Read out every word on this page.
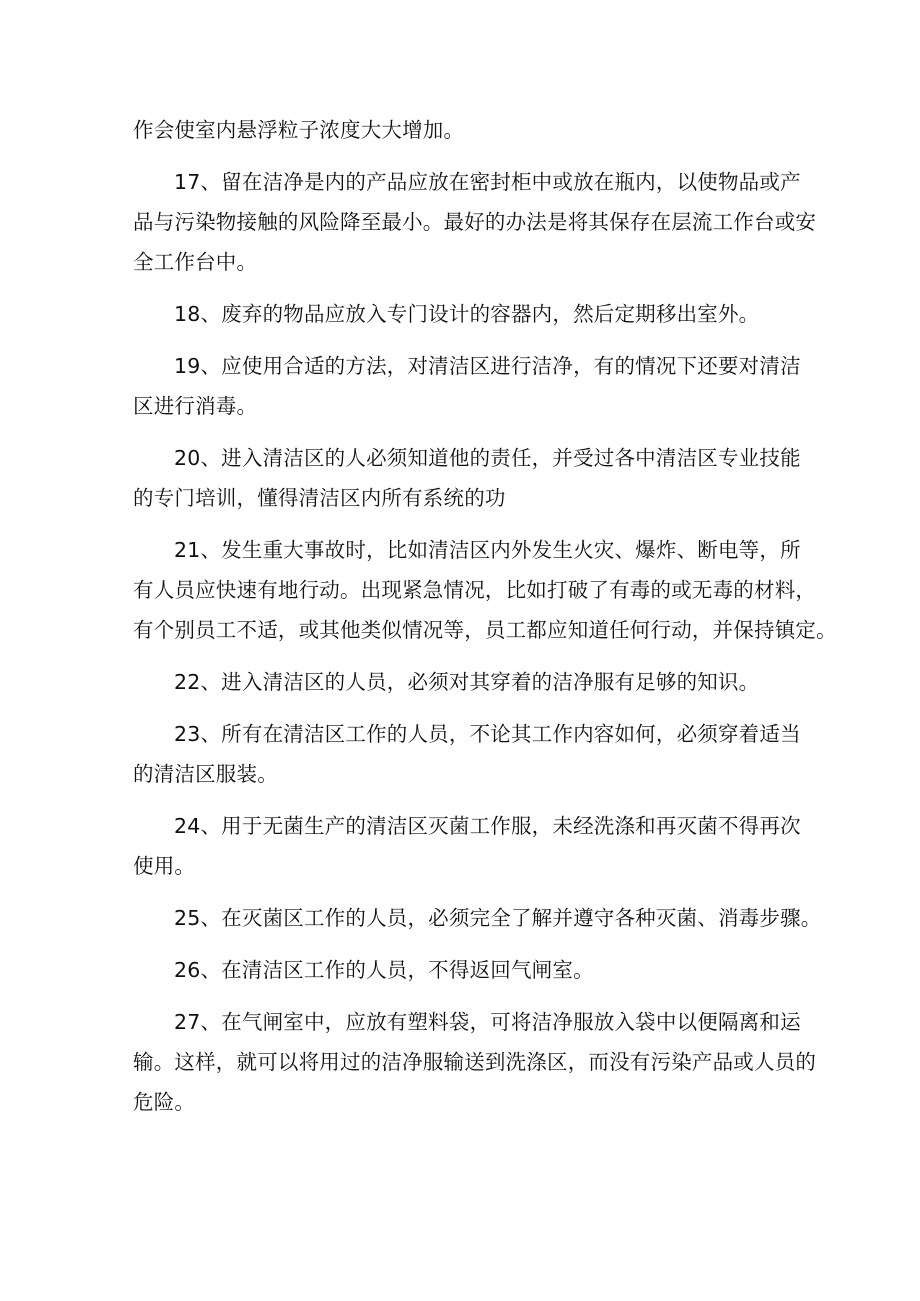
作会使室内悬浮粒子浓度大大增加。
17、留在洁净是内的产品应放在密封柜中或放在瓶内，以使物品或产
品与污染物接触的风险降至最小。最好的办法是将其保存在层流工作台或安
全工作台中。
18、废弃的物品应放入专门设计的容器内，然后定期移出室外。
19、应使用合适的方法，对清洁区进行洁净，有的情况下还要对清洁
区进行消毒。
20、进入清洁区的人必须知道他的责任，并受过各中清洁区专业技能
的专门培训，懂得清洁区内所有系统的功
21、发生重大事故时，比如清洁区内外发生火灾、爆炸、断电等，所
有人员应快速有地行动。出现紧急情况，比如打破了有毒的或无毒的材料，
有个别员工不适，或其他类似情况等，员工都应知道任何行动，并保持镇定。
22、进入清洁区的人员，必须对其穿着的洁净服有足够的知识。
23、所有在清洁区工作的人员，不论其工作内容如何，必须穿着适当
的清洁区服装。
24、用于无菌生产的清洁区灭菌工作服，未经洗涤和再灭菌不得再次
使用。
25、在灭菌区工作的人员，必须完全了解并遵守各种灭菌、消毒步骤。
26、在清洁区工作的人员，不得返回气闸室。
27、在气闸室中，应放有塑料袋，可将洁净服放入袋中以便隔离和运
输。这样，就可以将用过的洁净服输送到洗涤区，而没有污染产品或人员的
危险。
